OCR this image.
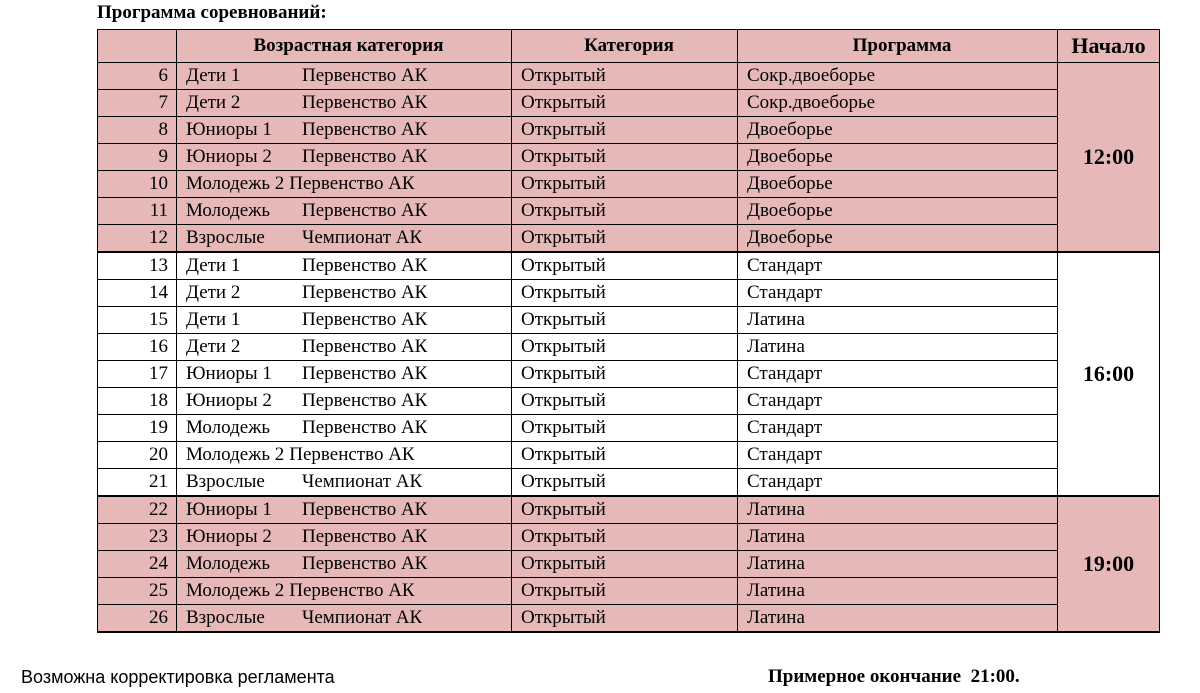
Программа соревнований:
	Возрастная категория	Категория	Программа	Начало
6	Дети 1 Первенство АК	Открытый	Сокр.двоеборье	12:00
7	Дети 2 Первенство АК	Открытый	Сокр.двоеборье	
8	Юниоры 1 Первенство АК	Открытый	Двоеборье	
9	Юниоры 2 Первенство АК	Открытый	Двоеборье	
10	Молодежь 2 Первенство АК	Открытый	Двоеборье	
11	Молодежь Первенство АК	Открытый	Двоеборье	
12	Взрослые Чемпионат АК	Открытый	Двоеборье	
13	Дети 1 Первенство АК	Открытый	Стандарт	16:00
14	Дети 2 Первенство АК	Открытый	Стандарт	
15	Дети 1 Первенство АК	Открытый	Латина	
16	Дети 2 Первенство АК	Открытый	Латина	
17	Юниоры 1 Первенство АК	Открытый	Стандарт	
18	Юниоры 2 Первенство АК	Открытый	Стандарт	
19	Молодежь Первенство АК	Открытый	Стандарт	
20	Молодежь 2 Первенство АК	Открытый	Стандарт	
21	Взрослые Чемпионат АК	Открытый	Стандарт	
22	Юниоры 1 Первенство АК	Открытый	Латина	19:00
23	Юниоры 2 Первенство АК	Открытый	Латина	
24	Молодежь Первенство АК	Открытый	Латина	
25	Молодежь 2 Первенство АК	Открытый	Латина	
26	Взрослые Чемпионат АК	Открытый	Латина	
Возможна корректировка регламента	Примерное окончание 21:00.
